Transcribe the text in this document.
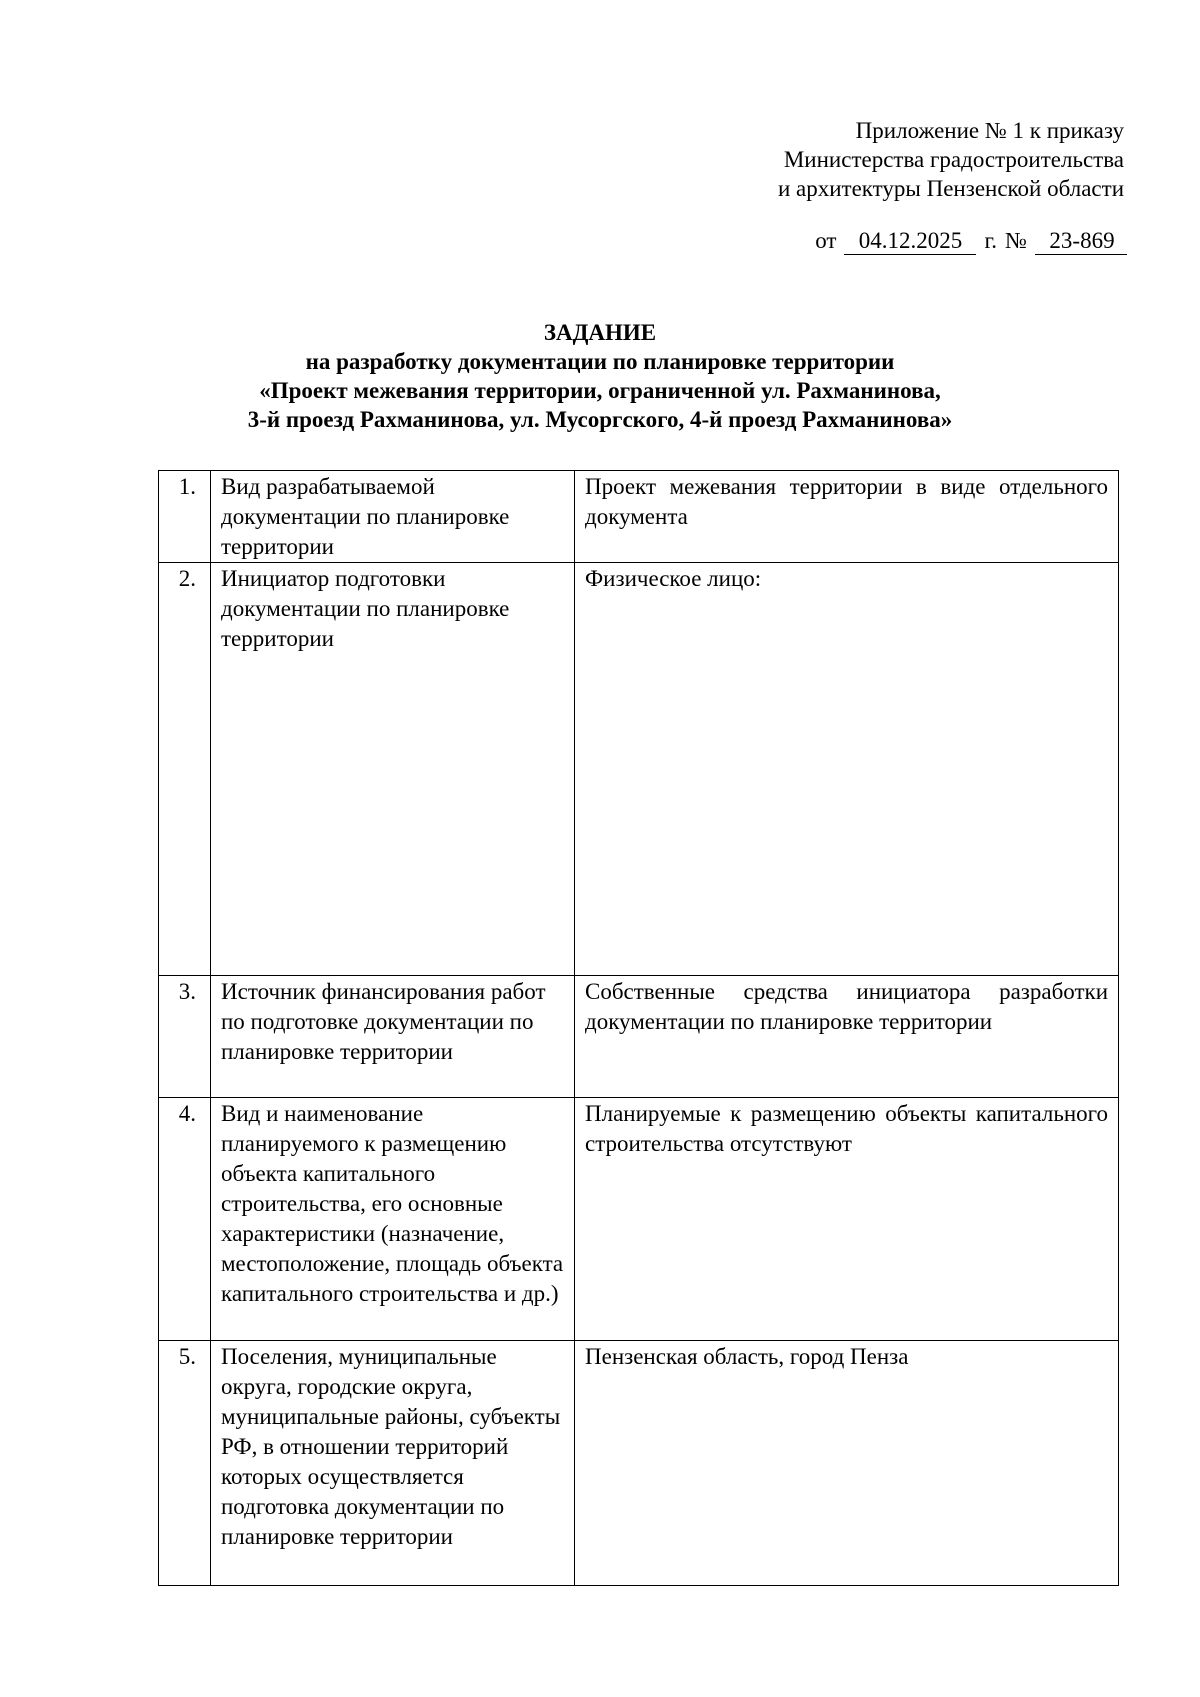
Приложение № 1 к приказу
Министерства градостроительства
и архитектуры Пензенской области
от 04.12.2025 г. № 23-869
ЗАДАНИЕ
на разработку документации по планировке территории
«Проект межевания территории, ограниченной ул. Рахманинова,
3-й проезд Рахманинова, ул. Мусоргского, 4-й проезд Рахманинова»
1.	Вид разрабатываемой документации по планировке территории	Проект межевания территории в виде отдельного документа
2.	Инициатор подготовки документации по планировке территории	Физическое лицо:
3.	Источник финансирования работ по подготовке документации по планировке территории	Собственные средства инициатора разработки документации по планировке территории
4.	Вид и наименование планируемого к размещению объекта капитального строительства, его основные характеристики (назначение, местоположение, площадь объекта капитального строительства и др.)	Планируемые к размещению объекты капитального строительства отсутствуют
5.	Поселения, муниципальные округа, городские округа, муниципальные районы, субъекты РФ, в отношении территорий которых осуществляется подготовка документации по планировке территории	Пензенская область, город Пенза
